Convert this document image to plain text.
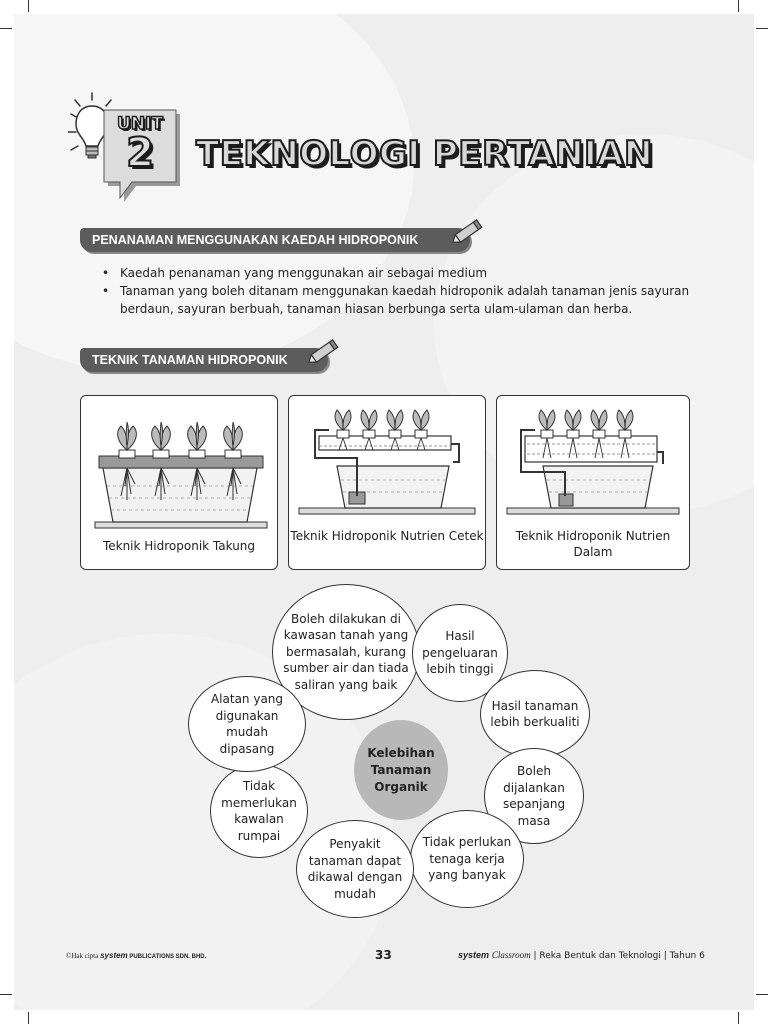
UNIT
2	TEKNOLOGI PERTANIAN
PENANAMAN MENGGUNAKAN KAEDAH HIDROPONIK
• Kaedah penanaman yang menggunakan air sebagai medium
• Tanaman yang boleh ditanam menggunakan kaedah hidroponik adalah tanaman jenis sayuran berdaun, sayuran berbuah, tanaman hiasan berbunga serta ulam-ulaman dan herba.
TEKNIK TANAMAN HIDROPONIK
Teknik Hidroponik Takung
Teknik Hidroponik Nutrien Cetek	Teknik Hidroponik Nutrien Dalam
Boleh dilakukan di kawasan tanah yang bermasalah, kurang sumber air dan tiada saliran yang baik
Hasil pengeluaran lebih tinggi
Hasil tanaman lebih berkualiti
Boleh dijalankan sepanjang masa
Tidak perlukan tenaga kerja yang banyak
Penyakit tanaman dapat dikawal dengan mudah
Tidak memerlukan kawalan rumpai
Alatan yang digunakan mudah dipasang	Kelebihan Tanaman Organik
©Hak cipta system PUBLICATIONS SDN. BHD.	33	system Classroom | Reka Bentuk dan Teknologi | Tahun 6
